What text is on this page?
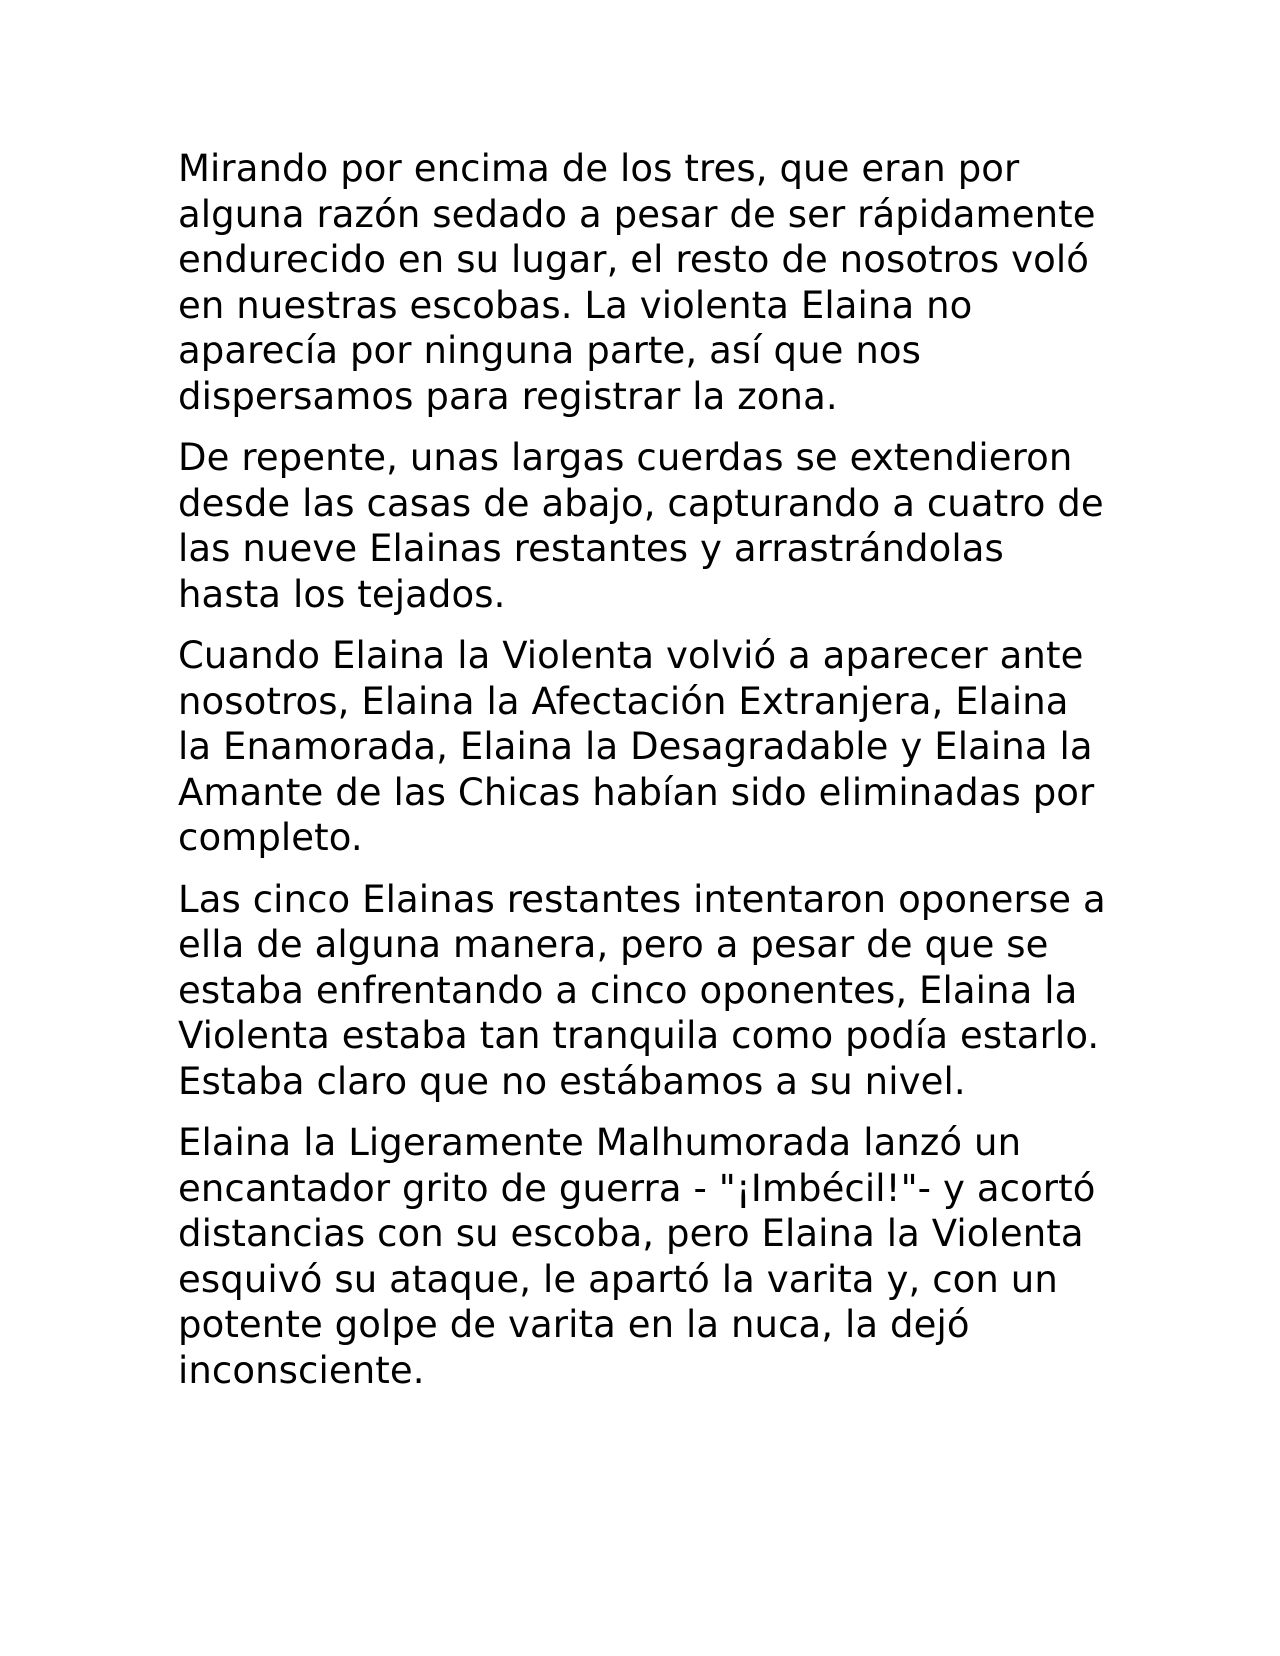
Mirando por encima de los tres, que eran por alguna razón sedado a pesar de ser rápidamente endurecido en su lugar, el resto de nosotros voló en nuestras escobas. La violenta Elaina no aparecía por ninguna parte, así que nos dispersamos para registrar la zona.

De repente, unas largas cuerdas se extendieron desde las casas de abajo, capturando a cuatro de las nueve Elainas restantes y arrastrándolas hasta los tejados.

Cuando Elaina la Violenta volvió a aparecer ante nosotros, Elaina la Afectación Extranjera, Elaina la Enamorada, Elaina la Desagradable y Elaina la Amante de las Chicas habían sido eliminadas por completo.

Las cinco Elainas restantes intentaron oponerse a ella de alguna manera, pero a pesar de que se estaba enfrentando a cinco oponentes, Elaina la Violenta estaba tan tranquila como podía estarlo. Estaba claro que no estábamos a su nivel.

Elaina la Ligeramente Malhumorada lanzó un encantador grito de guerra - "¡Imbécil!"- y acortó distancias con su escoba, pero Elaina la Violenta esquivó su ataque, le apartó la varita y, con un potente golpe de varita en la nuca, la dejó inconsciente.
